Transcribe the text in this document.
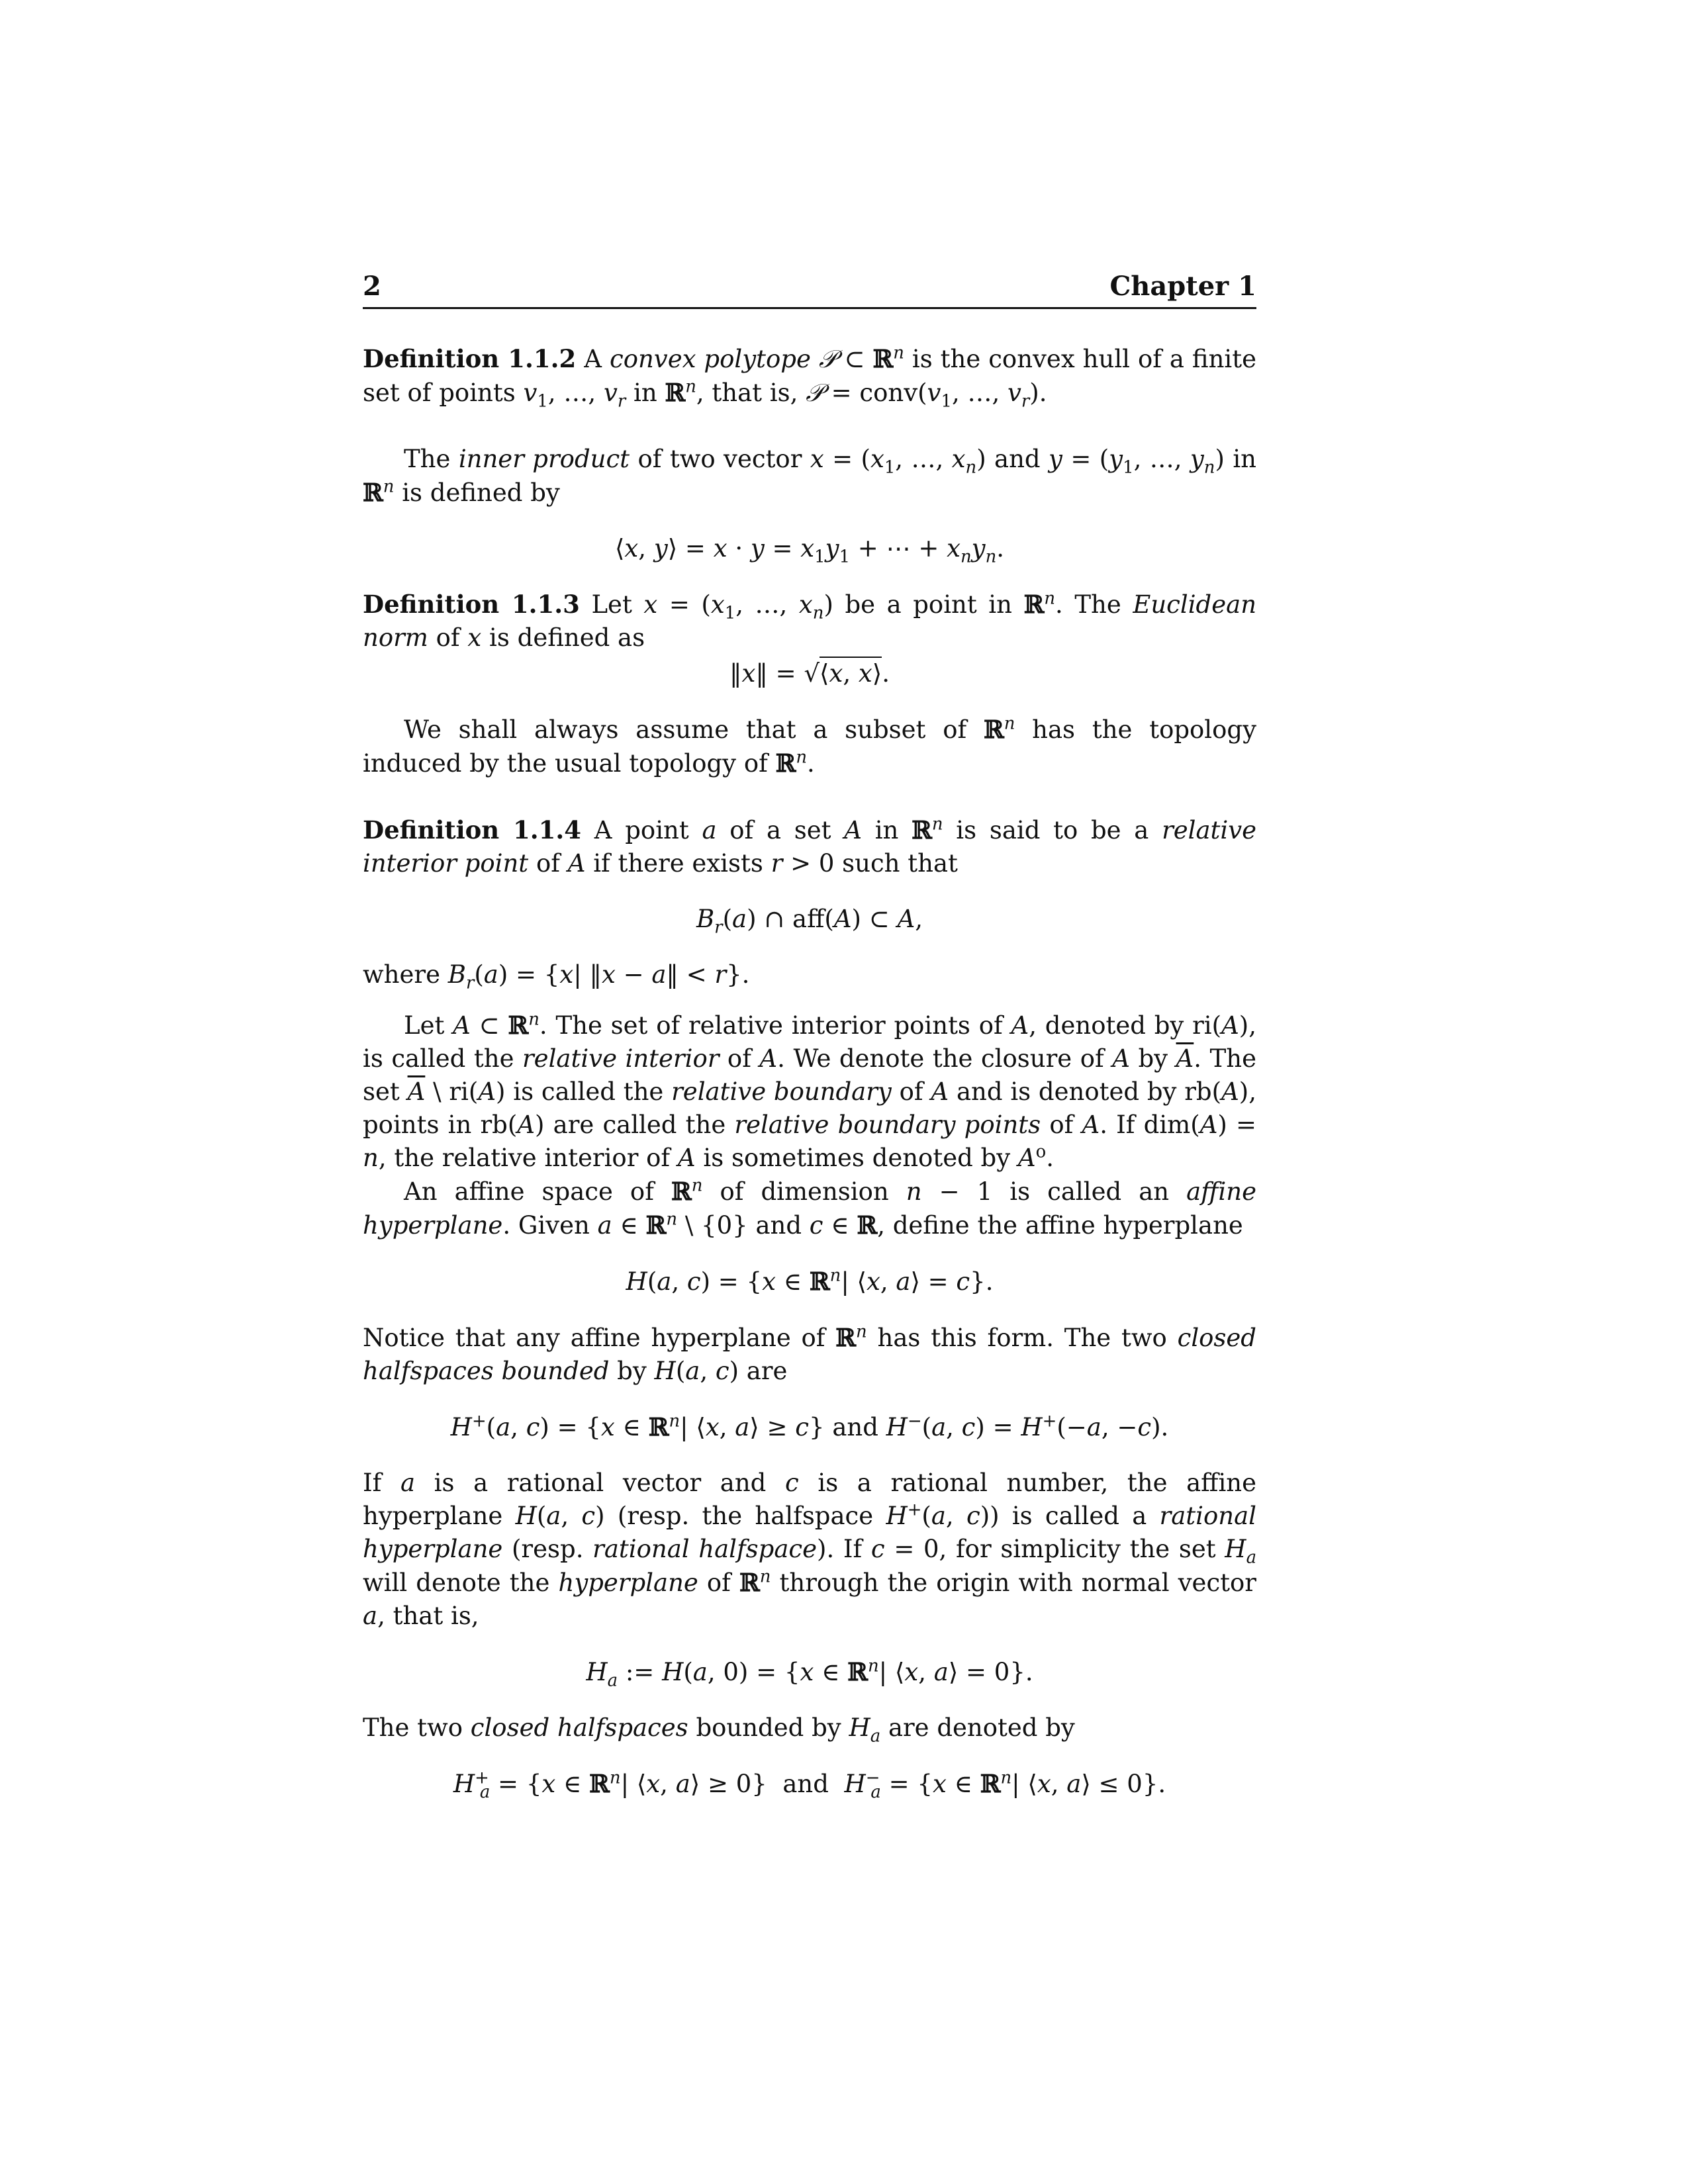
2	Chapter 1

Definition 1.1.2 A convex polytope 𝒫 ⊂ ℝ$^n$ is the convex hull of a finite set of points $v_1$, …, $v_r$ in ℝ$^n$, that is, 𝒫 = $conv(v_1$, …, $v_r$).

The inner product of two vector $x = (x_1$, …, $x_n$) and $y = (y_1$, …, $y_n$) in ℝ$^n$ is defined by

⟨x, y⟩ = $x \cdot y = x_1y_1$ + ⋯ + $x_ny_n$.

Definition 1.1.3 Let $x = (x_1$, …, $x_n$) be a point in ℝ$^n$. The Euclidean norm of x is defined as

‖x‖ = √⟨x, x⟩.

We shall always assume that a subset of ℝ$^n$ has the topology induced by the usual topology of ℝ$^n$.

Definition 1.1.4 A point a of a set A in ℝ$^n$ is said to be a relative interior point of A if there exists r > 0 such that

$B_r(a)$ ∩ aff(A) ⊂ A,

where $B_r(a) = \{x|$ ‖x − a‖ < r}.

Let A ⊂ ℝ$^n$. The set of relative interior points of A, denoted by ri(A), is called the relative interior of A. We denote the closure of A by $\overline{A}$. The set $\overline{A}$ \ ri(A) is called the relative boundary of A and is denoted by rb(A), points in rb(A) are called the relative boundary points of A. If dim(A) = n, the relative interior of A is sometimes denoted by $A^o$.

An affine space of ℝ$^n$ of dimension n − 1 is called an affine hyperplane. Given a ∈ ℝ$^n$ \ {0} and c ∈ ℝ, define the affine hyperplane

H(a, c) = {x ∈ ℝ$^n$| ⟨x, a⟩ = c}.

Notice that any affine hyperplane of ℝ$^n$ has this form. The two closed halfspaces bounded by H(a, c) are

H+(a, c) = {x ∈ ℝ$^n$| ⟨x, a⟩ ≥ c} and H−(a, c) = H+(−a, −c).

If a is a rational vector and c is a rational number, the affine hyperplane H(a, c) (resp. the halfspace H+(a, c)) is called a rational hyperplane (resp. rational halfspace). If c = 0, for simplicity the set $H_a$ will denote the hyperplane of ℝ$^n$ through the origin with normal vector a, that is,

$H_a$ := H(a, 0) = {x ∈ ℝ$^n$| ⟨x, a⟩ = 0}.

The two closed halfspaces bounded by $H_a$ are denoted by

$H^+_a = \{x$ ∈ ℝ$^n$| ⟨x, a⟩ ≥ 0}  and $H^-_a = \{x$ ∈ ℝ$^n$| ⟨x, a⟩ ≤ 0}.
